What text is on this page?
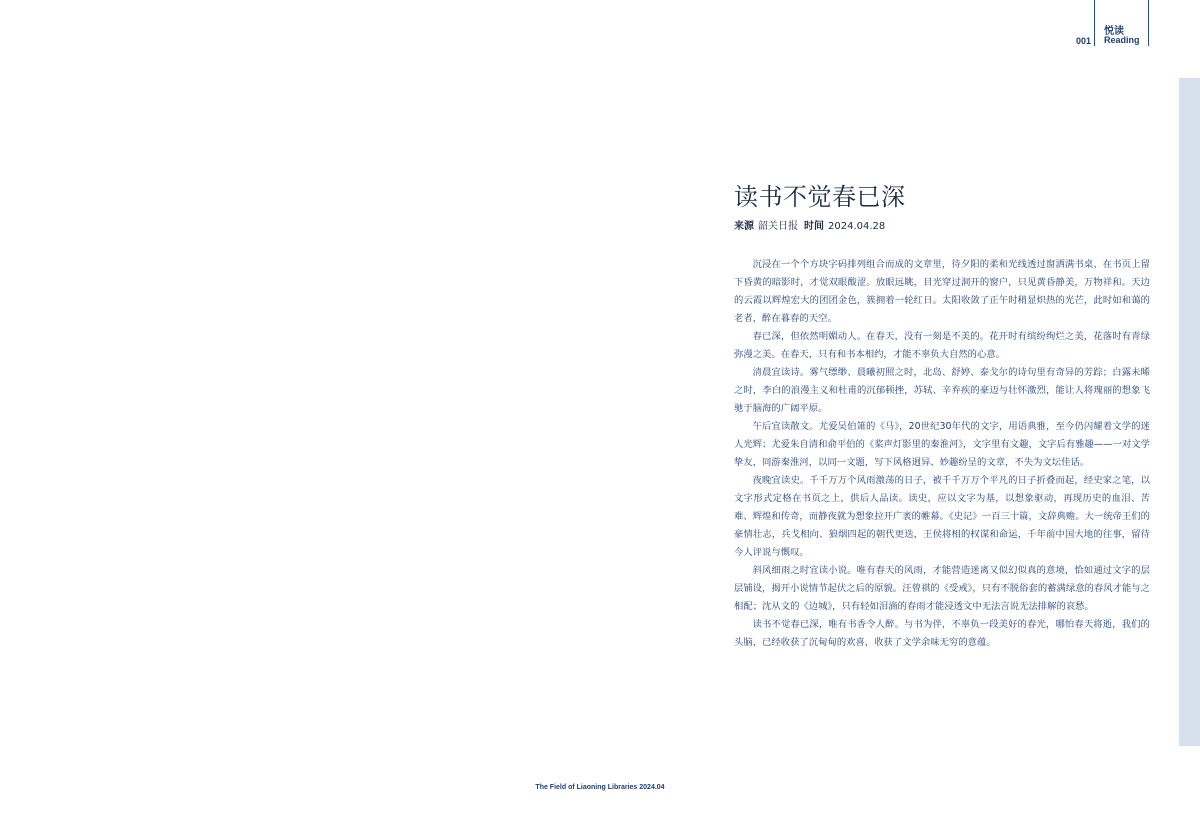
001
悦读
Reading
读书不觉春已深
来源 韶关日报 时间 2024.04.28

沉浸在一个个方块字码排列组合而成的文章里，待夕阳的柔和光线透过窗洒满书桌、在书页上留下昏黄的暗影时，才觉双眼酸涩。放眼远眺，目光穿过洞开的窗户，只见黄昏静美，万物祥和。天边的云霞以辉煌宏大的团团金色，簇拥着一轮红日。太阳收敛了正午时稍显炽热的光芒，此时如和蔼的老者，醉在暮春的天空。

春已深，但依然明媚动人。在春天，没有一刻是不美的。花开时有缤纷绚烂之美，花落时有青绿弥漫之美。在春天，只有和书本相约，才能不辜负大自然的心意。

清晨宜读诗。雾气缥缈、晨曦初照之时，北岛、舒婷、泰戈尔的诗句里有奇异的芳踪；白露未晞之时，李白的浪漫主义和杜甫的沉郁顿挫，苏轼、辛弃疾的豪迈与壮怀激烈，能让人将瑰丽的想象飞驰于脑海的广阔平原。

午后宜读散文。尤爱吴伯箫的《马》，20世纪30年代的文字，用语典雅，至今仍闪耀着文学的迷人光辉；尤爱朱自清和俞平伯的《桨声灯影里的秦淮河》，文字里有文趣，文字后有雅趣——一对文学挚友，同游秦淮河，以同一文题，写下风格迥异、妙趣纷呈的文章，不失为文坛佳话。

夜晚宜读史。千千万万个风雨激荡的日子，被千千万万个平凡的日子折叠而起，经史家之笔，以文字形式定格在书页之上，供后人品读。读史，应以文字为基，以想象驱动，再现历史的血泪、苦难、辉煌和传奇，而静夜就为想象拉开广袤的帷幕。《史记》一百三十篇，文辞典赡。大一统帝王们的豪情壮志，兵戈相向、狼烟四起的朝代更迭，王侯将相的权谋和命运，千年前中国大地的往事，留待今人评说与慨叹。

斜风细雨之时宜读小说。唯有春天的风雨，才能营造迷离又似幻似真的意境，恰如通过文字的层层铺设，揭开小说情节起伏之后的原貌。汪曾祺的《受戒》，只有不脱俗套的蓄满绿意的春风才能与之相配；沈从文的《边城》，只有轻如泪滴的春雨才能浸透文中无法言说无法排解的哀愁。

读书不觉春已深，唯有书香令人醉。与书为伴，不辜负一段美好的春光，哪怕春天将逝，我们的头脑，已经收获了沉甸甸的欢喜，收获了文学余味无穷的意蕴。

The Field of Liaoning Libraries 2024.04
